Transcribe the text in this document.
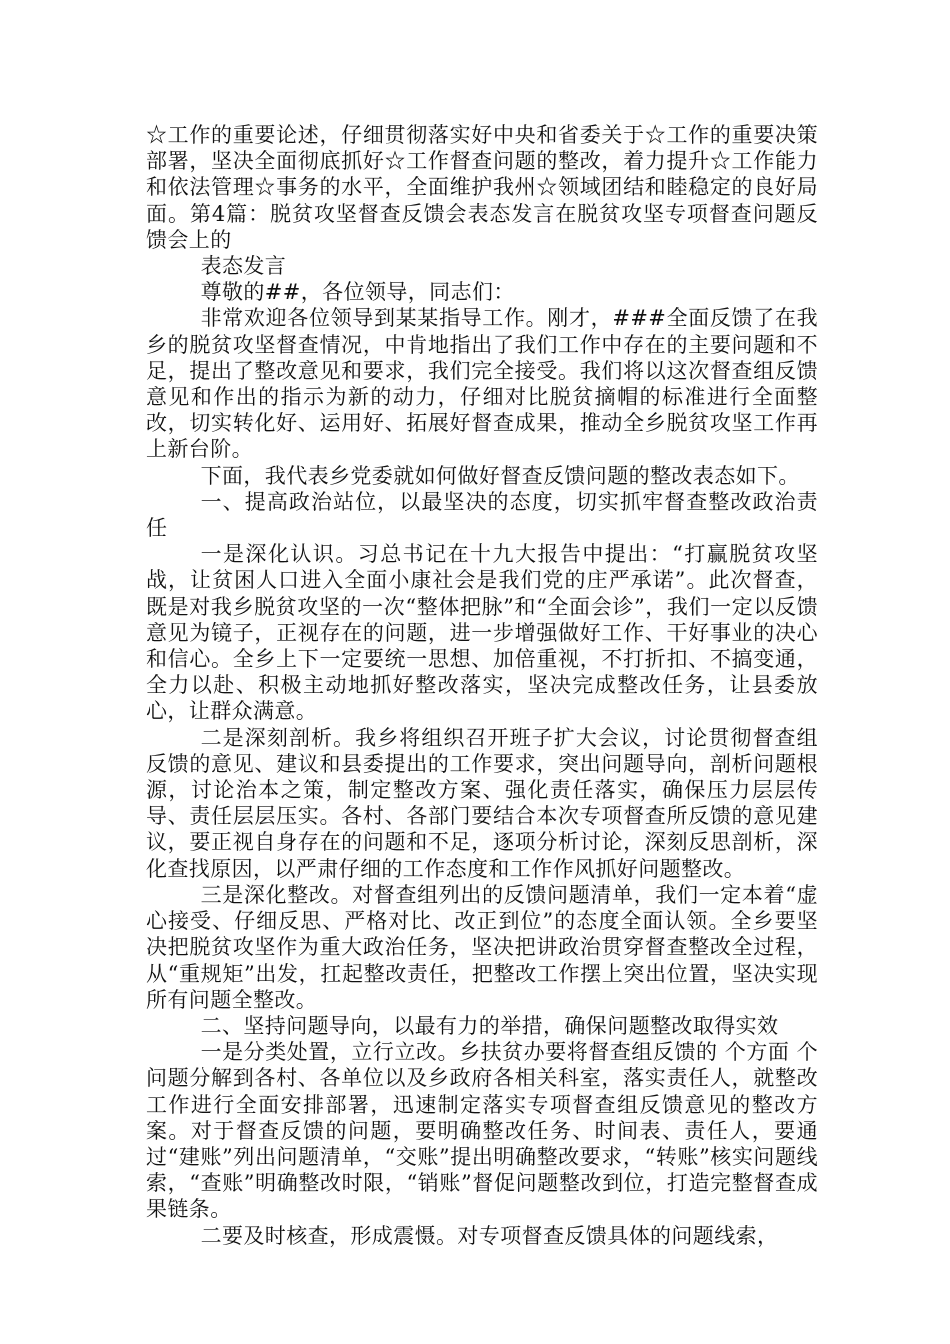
☆工作的重要论述，仔细贯彻落实好中央和省委关于☆工作的重要决策部署，坚决全面彻底抓好☆工作督查问题的整改，着力提升☆工作能力和依法管理☆事务的水平，全面维护我州☆领域团结和睦稳定的良好局面。第4篇：脱贫攻坚督查反馈会表态发言在脱贫攻坚专项督查问题反馈会上的

表态发言

尊敬的##，各位领导，同志们：

非常欢迎各位领导到某某指导工作。刚才，###全面反馈了在我乡的脱贫攻坚督查情况，中肯地指出了我们工作中存在的主要问题和不足，提出了整改意见和要求，我们完全接受。我们将以这次督查组反馈意见和作出的指示为新的动力，仔细对比脱贫摘帽的标准进行全面整改，切实转化好、运用好、拓展好督查成果，推动全乡脱贫攻坚工作再上新台阶。

下面，我代表乡党委就如何做好督查反馈问题的整改表态如下。

一、提高政治站位，以最坚决的态度，切实抓牢督查整改政治责任

一是深化认识。习总书记在十九大报告中提出：“打赢脱贫攻坚战，让贫困人口进入全面小康社会是我们党的庄严承诺”。此次督查，既是对我乡脱贫攻坚的一次“整体把脉”和“全面会诊”，我们一定以反馈意见为镜子，正视存在的问题，进一步增强做好工作、干好事业的决心和信心。全乡上下一定要统一思想、加倍重视，不打折扣、不搞变通，全力以赴、积极主动地抓好整改落实，坚决完成整改任务，让县委放心，让群众满意。

二是深刻剖析。我乡将组织召开班子扩大会议，讨论贯彻督查组反馈的意见、建议和县委提出的工作要求，突出问题导向，剖析问题根源，讨论治本之策，制定整改方案、强化责任落实，确保压力层层传导、责任层层压实。各村、各部门要结合本次专项督查所反馈的意见建议，要正视自身存在的问题和不足，逐项分析讨论，深刻反思剖析，深化查找原因，以严肃仔细的工作态度和工作作风抓好问题整改。

三是深化整改。对督查组列出的反馈问题清单，我们一定本着“虚心接受、仔细反思、严格对比、改正到位”的态度全面认领。全乡要坚决把脱贫攻坚作为重大政治任务，坚决把讲政治贯穿督查整改全过程，从“重规矩”出发，扛起整改责任，把整改工作摆上突出位置，坚决实现所有问题全整改。

二、坚持问题导向，以最有力的举措，确保问题整改取得实效

一是分类处置，立行立改。乡扶贫办要将督查组反馈的 个方面 个问题分解到各村、各单位以及乡政府各相关科室，落实责任人，就整改工作进行全面安排部署，迅速制定落实专项督查组反馈意见的整改方案。对于督查反馈的问题，要明确整改任务、时间表、责任人，要通过“建账”列出问题清单，“交账”提出明确整改要求，“转账”核实问题线索，“查账”明确整改时限，“销账”督促问题整改到位，打造完整督查成果链条。

二要及时核查，形成震慑。对专项督查反馈具体的问题线索，
